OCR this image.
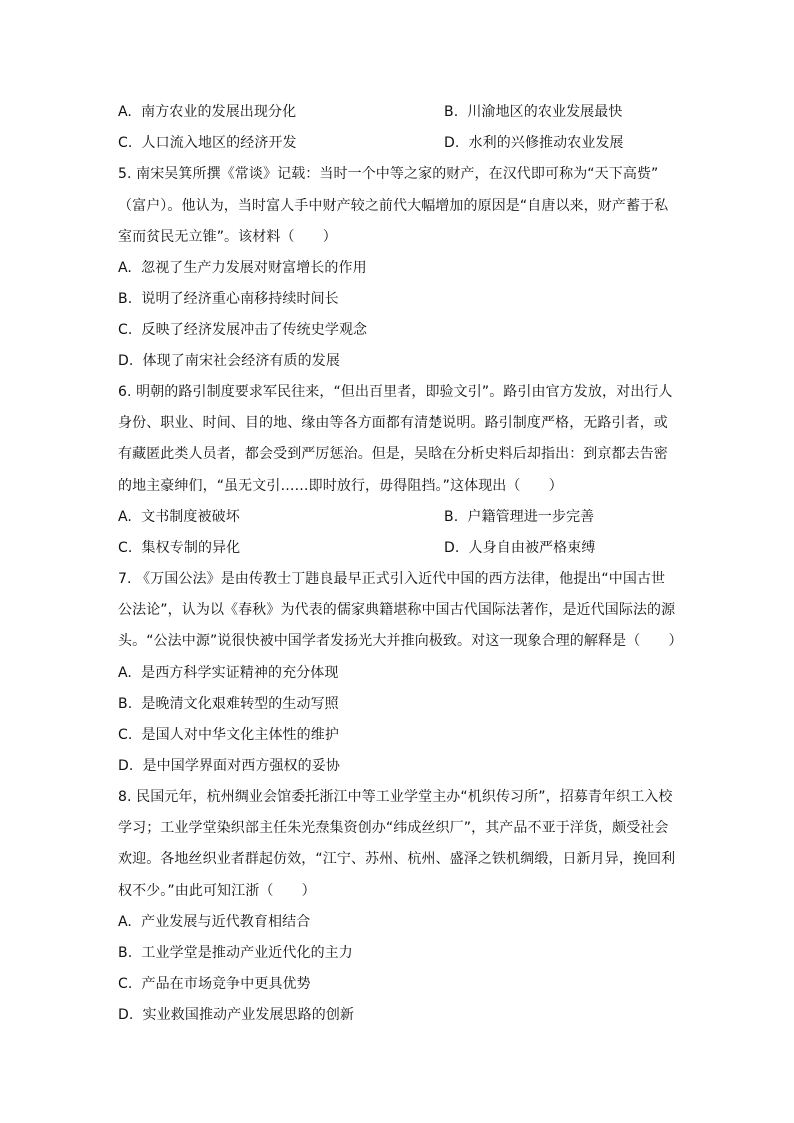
A. 南方农业的发展出现分化	B. 川渝地区的农业发展最快
C. 人口流入地区的经济开发	D. 水利的兴修推动农业发展
5. 南宋吴箕所撰《常谈》记载：当时一个中等之家的财产，在汉代即可称为“天下高赀”
（富户）。他认为，当时富人手中财产较之前代大幅增加的原因是“自唐以来，财产蓄于私
室而贫民无立锥”。该材料（　　）
A. 忽视了生产力发展对财富增长的作用
B. 说明了经济重心南移持续时间长
C. 反映了经济发展冲击了传统史学观念
D. 体现了南宋社会经济有质的发展
6. 明朝的路引制度要求军民往来，“但出百里者，即验文引”。路引由官方发放，对出行人
身份、职业、时间、目的地、缘由等各方面都有清楚说明。路引制度严格，无路引者，或
有藏匿此类人员者，都会受到严厉惩治。但是，吴晗在分析史料后却指出：到京都去告密
的地主豪绅们，“虽无文引……即时放行，毋得阻挡。”这体现出（　　）
A. 文书制度被破坏	B. 户籍管理进一步完善
C. 集权专制的异化	D. 人身自由被严格束缚
7. 《万国公法》是由传教士丁韪良最早正式引入近代中国的西方法律，他提出“中国古世
公法论”，认为以《春秋》为代表的儒家典籍堪称中国古代国际法著作，是近代国际法的源
头。“公法中源”说很快被中国学者发扬光大并推向极致。对这一现象合理的解释是（　　）
A. 是西方科学实证精神的充分体现
B. 是晚清文化艰难转型的生动写照
C. 是国人对中华文化主体性的维护
D. 是中国学界面对西方强权的妥协
8. 民国元年，杭州绸业会馆委托浙江中等工业学堂主办“机织传习所”，招募青年织工入校
学习；工业学堂染织部主任朱光焘集资创办“纬成丝织厂”，其产品不亚于洋货，颇受社会
欢迎。各地丝织业者群起仿效，“江宁、苏州、杭州、盛泽之铁机绸缎，日新月异，挽回利
权不少。”由此可知江浙（　　）
A. 产业发展与近代教育相结合
B. 工业学堂是推动产业近代化的主力
C. 产品在市场竞争中更具优势
D. 实业救国推动产业发展思路的创新
